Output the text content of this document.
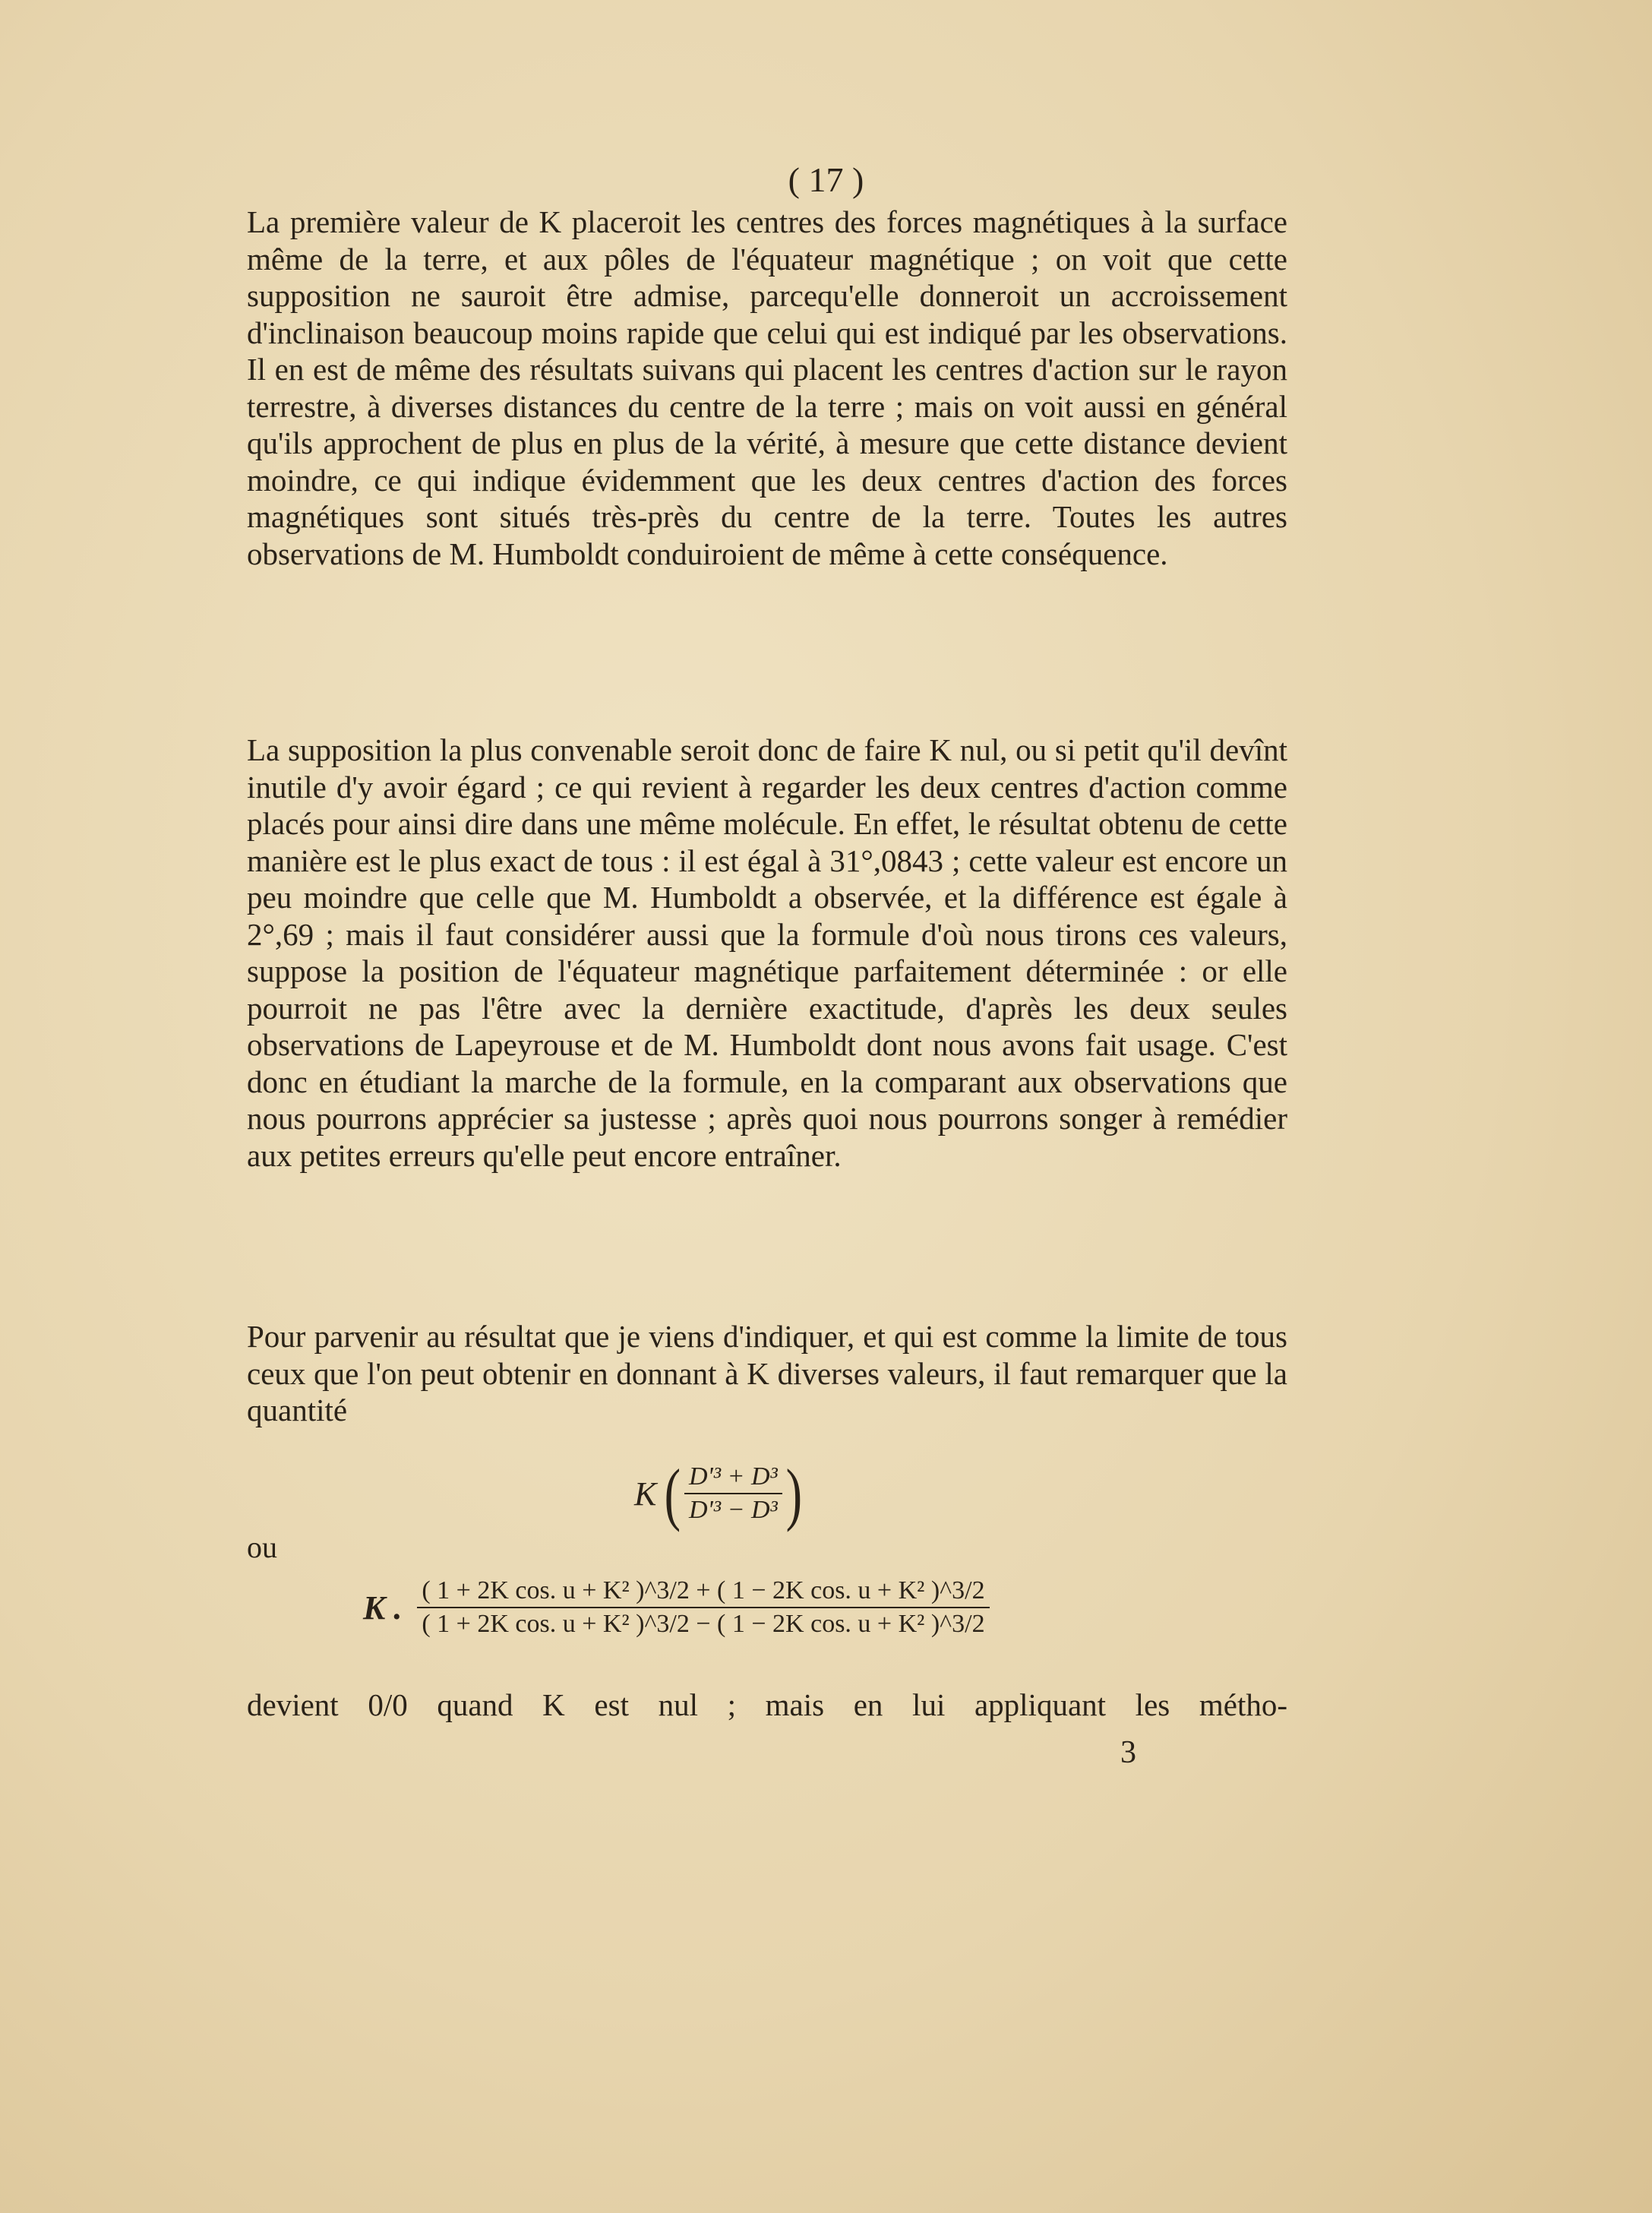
( 17 )
La première valeur de K placeroit les centres des forces magnétiques à la surface même de la terre, et aux pôles de l'équateur magnétique ; on voit que cette supposition ne sauroit être admise, parcequ'elle donneroit un accroissement d'inclinaison beaucoup moins rapide que celui qui est indiqué par les observations. Il en est de même des résultats suivans qui placent les centres d'action sur le rayon terrestre, à diverses distances du centre de la terre ; mais on voit aussi en général qu'ils approchent de plus en plus de la vérité, à mesure que cette distance devient moindre, ce qui indique évidemment que les deux centres d'action des forces magnétiques sont situés très-près du centre de la terre. Toutes les autres observations de M. Humboldt conduiroient de même à cette conséquence.
La supposition la plus convenable seroit donc de faire K nul, ou si petit qu'il devînt inutile d'y avoir égard ; ce qui revient à regarder les deux centres d'action comme placés pour ainsi dire dans une même molécule. En effet, le résultat obtenu de cette manière est le plus exact de tous : il est égal à 31°,0843 ; cette valeur est encore un peu moindre que celle que M. Humboldt a observée, et la différence est égale à 2°,69 ; mais il faut considérer aussi que la formule d'où nous tirons ces valeurs, suppose la position de l'équateur magnétique parfaitement déterminée : or elle pourroit ne pas l'être avec la dernière exactitude, d'après les deux seules observations de Lapeyrouse et de M. Humboldt dont nous avons fait usage. C'est donc en étudiant la marche de la formule, en la comparant aux observations que nous pourrons apprécier sa justesse ; après quoi nous pourrons songer à remédier aux petites erreurs qu'elle peut encore entraîner.
Pour parvenir au résultat que je viens d'indiquer, et qui est comme la limite de tous ceux que l'on peut obtenir en donnant à K diverses valeurs, il faut remarquer que la quantité
K ( $\frac{\text{D'³ + D³}}{\text{D'³ − D³}}$ )
ou
K . $\frac{\text{( 1 + 2K cos. u + K² )\textasciicircum{}3/2 + ( 1 − 2K cos. u + K² )\textasciicircum{}3/2}}{\text{( 1 + 2K cos. u + K² )\textasciicircum{}3/2 − ( 1 − 2K cos. u + K² )\textasciicircum{}3/2}}$
devient 0/0 quand K est nul ; mais en lui appliquant les métho-
3
